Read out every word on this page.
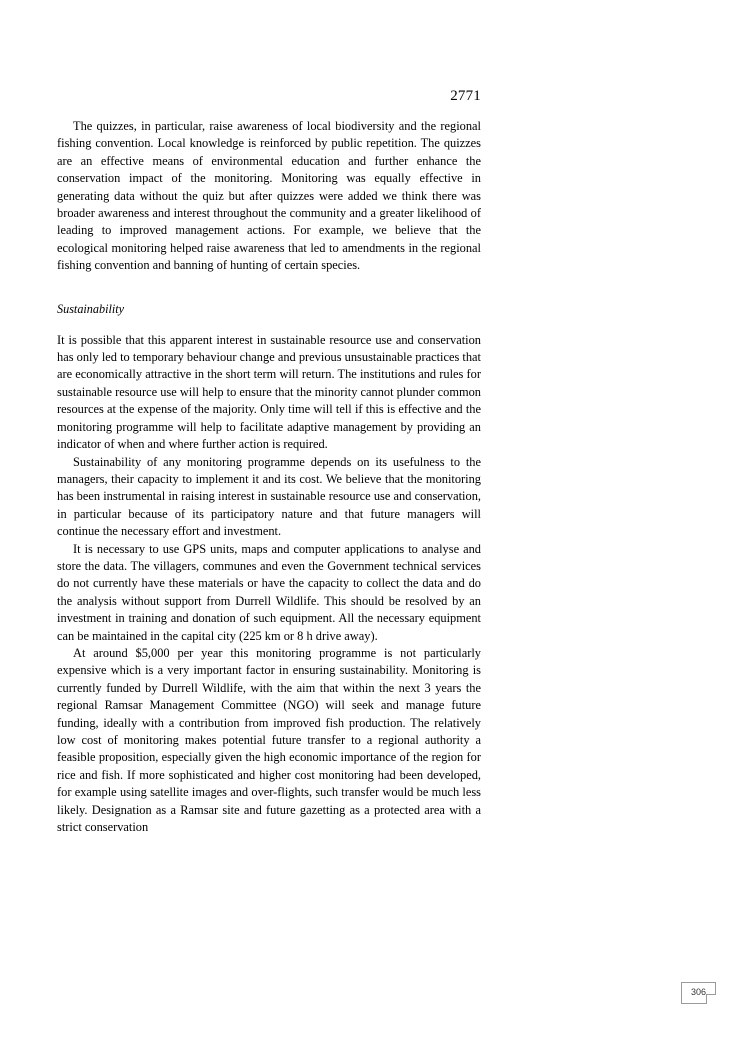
2771

The quizzes, in particular, raise awareness of local biodiversity and the regional fishing convention. Local knowledge is reinforced by public repetition. The quizzes are an effective means of environmental education and further enhance the conservation impact of the monitoring. Monitoring was equally effective in generating data without the quiz but after quizzes were added we think there was broader awareness and interest throughout the community and a greater likelihood of leading to improved management actions. For example, we believe that the ecological monitoring helped raise awareness that led to amendments in the regional fishing convention and banning of hunting of certain species.

Sustainability

It is possible that this apparent interest in sustainable resource use and conservation has only led to temporary behaviour change and previous unsustainable practices that are economically attractive in the short term will return. The institutions and rules for sustainable resource use will help to ensure that the minority cannot plunder common resources at the expense of the majority. Only time will tell if this is effective and the monitoring programme will help to facilitate adaptive management by providing an indicator of when and where further action is required.

Sustainability of any monitoring programme depends on its usefulness to the managers, their capacity to implement it and its cost. We believe that the monitoring has been instrumental in raising interest in sustainable resource use and conservation, in particular because of its participatory nature and that future managers will continue the necessary effort and investment.

It is necessary to use GPS units, maps and computer applications to analyse and store the data. The villagers, communes and even the Government technical services do not currently have these materials or have the capacity to collect the data and do the analysis without support from Durrell Wildlife. This should be resolved by an investment in training and donation of such equipment. All the necessary equipment can be maintained in the capital city (225 km or 8 h drive away).

At around $5,000 per year this monitoring programme is not particularly expensive which is a very important factor in ensuring sustainability. Monitoring is currently funded by Durrell Wildlife, with the aim that within the next 3 years the regional Ramsar Management Committee (NGO) will seek and manage future funding, ideally with a contribution from improved fish production. The relatively low cost of monitoring makes potential future transfer to a regional authority a feasible proposition, especially given the high economic importance of the region for rice and fish. If more sophisticated and higher cost monitoring had been developed, for example using satellite images and over-flights, such transfer would be much less likely. Designation as a Ramsar site and future gazetting as a protected area with a strict conservation

306
